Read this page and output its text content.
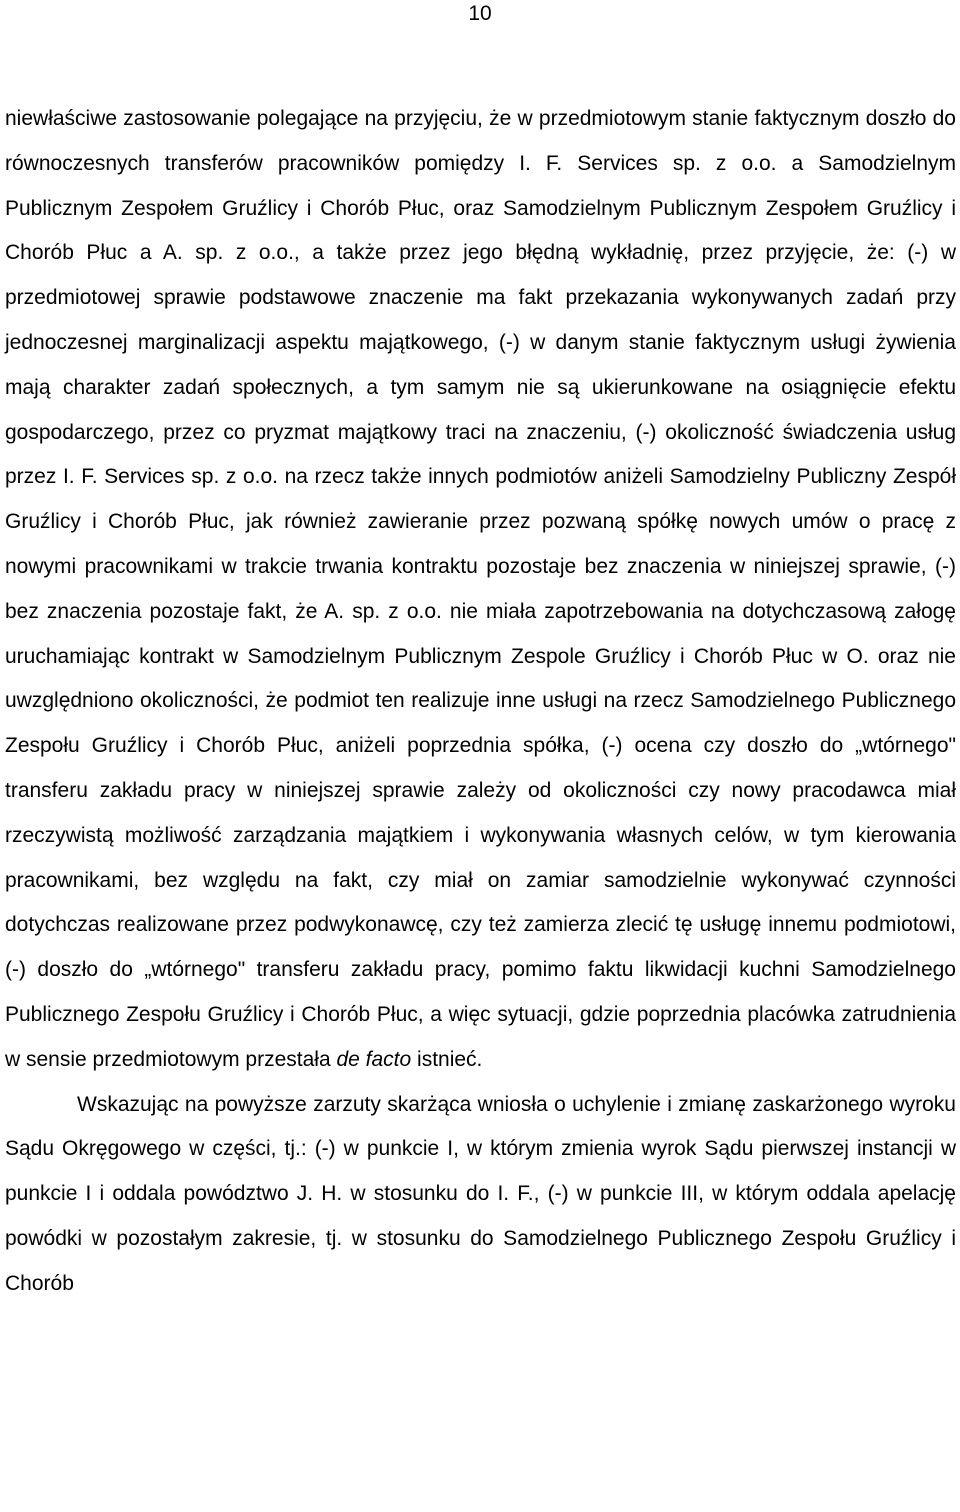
10

niewłaściwe zastosowanie polegające na przyjęciu, że w przedmiotowym stanie faktycznym doszło do równoczesnych transferów pracowników pomiędzy I. F. Services sp. z o.o. a Samodzielnym Publicznym Zespołem Gruźlicy i Chorób Płuc, oraz Samodzielnym Publicznym Zespołem Gruźlicy i Chorób Płuc a A. sp. z o.o., a także przez jego błędną wykładnię, przez przyjęcie, że: (-) w przedmiotowej sprawie podstawowe znaczenie ma fakt przekazania wykonywanych zadań przy jednoczesnej marginalizacji aspektu majątkowego, (-) w danym stanie faktycznym usługi żywienia mają charakter zadań społecznych, a tym samym nie są ukierunkowane na osiągnięcie efektu gospodarczego, przez co pryzmat majątkowy traci na znaczeniu, (-) okoliczność świadczenia usług przez I. F. Services sp. z o.o. na rzecz także innych podmiotów aniżeli Samodzielny Publiczny Zespół Gruźlicy i Chorób Płuc, jak również zawieranie przez pozwaną spółkę nowych umów o pracę z nowymi pracownikami w trakcie trwania kontraktu pozostaje bez znaczenia w niniejszej sprawie, (-) bez znaczenia pozostaje fakt, że A. sp. z o.o. nie miała zapotrzebowania na dotychczasową załogę uruchamiając kontrakt w Samodzielnym Publicznym Zespole Gruźlicy i Chorób Płuc w O. oraz nie uwzględniono okoliczności, że podmiot ten realizuje inne usługi na rzecz Samodzielnego Publicznego Zespołu Gruźlicy i Chorób Płuc, aniżeli poprzednia spółka, (-) ocena czy doszło do „wtórnego" transferu zakładu pracy w niniejszej sprawie zależy od okoliczności czy nowy pracodawca miał rzeczywistą możliwość zarządzania majątkiem i wykonywania własnych celów, w tym kierowania pracownikami, bez względu na fakt, czy miał on zamiar samodzielnie wykonywać czynności dotychczas realizowane przez podwykonawcę, czy też zamierza zlecić tę usługę innemu podmiotowi, (-) doszło do „wtórnego" transferu zakładu pracy, pomimo faktu likwidacji kuchni Samodzielnego Publicznego Zespołu Gruźlicy i Chorób Płuc, a więc sytuacji, gdzie poprzednia placówka zatrudnienia w sensie przedmiotowym przestała de facto istnieć.

Wskazując na powyższe zarzuty skarżąca wniosła o uchylenie i zmianę zaskarżonego wyroku Sądu Okręgowego w części, tj.: (-) w punkcie I, w którym zmienia wyrok Sądu pierwszej instancji w punkcie I i oddala powództwo J. H. w stosunku do I. F., (-) w punkcie III, w którym oddala apelację powódki w pozostałym zakresie, tj. w stosunku do Samodzielnego Publicznego Zespołu Gruźlicy i Chorób
